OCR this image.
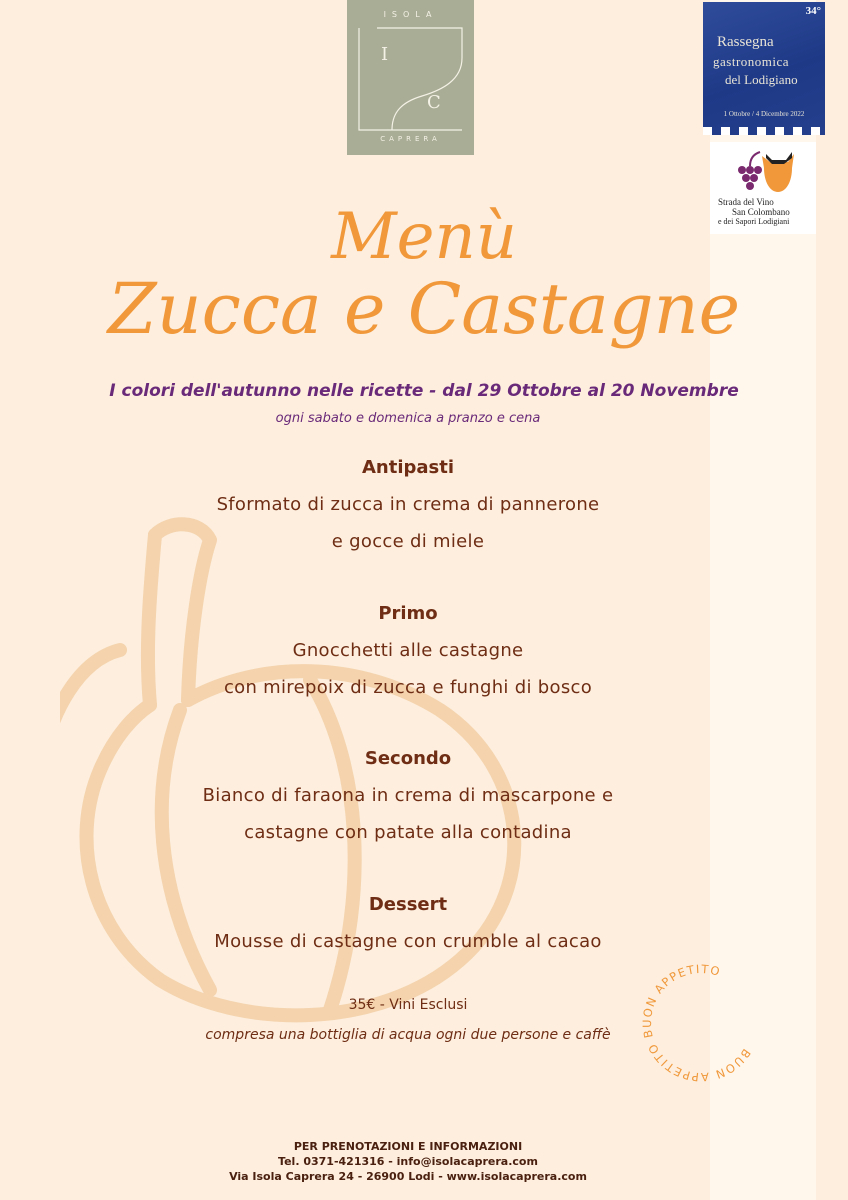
ISOLA
I
C
CAPRERA
34°
Rassegna
gastronomica
del Lodigiano
1 Ottobre / 4 Dicembre 2022
Strada del Vino
San Colombano
e dei Sapori Lodigiani
Menù
Zucca e Castagne

I colori dell'autunno nelle ricette - dal 29 Ottobre al 20 Novembre

ogni sabato e domenica a pranzo e cena

Antipasti

Sformato di zucca in crema di pannerone

e gocce di miele

Primo

Gnocchetti alle castagne

con mirepoix di zucca e funghi di bosco

Secondo

Bianco di faraona in crema di mascarpone e

castagne con patate alla contadina

Dessert

Mousse di castagne con crumble al cacao

35€ - Vini Esclusi
compresa una bottiglia di acqua ogni due persone e caffè
BUON APPETITO BUON APPETITO
PER PRENOTAZIONI E INFORMAZIONI
Tel. 0371-421316 - info@isolacaprera.com
Via Isola Caprera 24 - 26900 Lodi - www.isolacaprera.com
